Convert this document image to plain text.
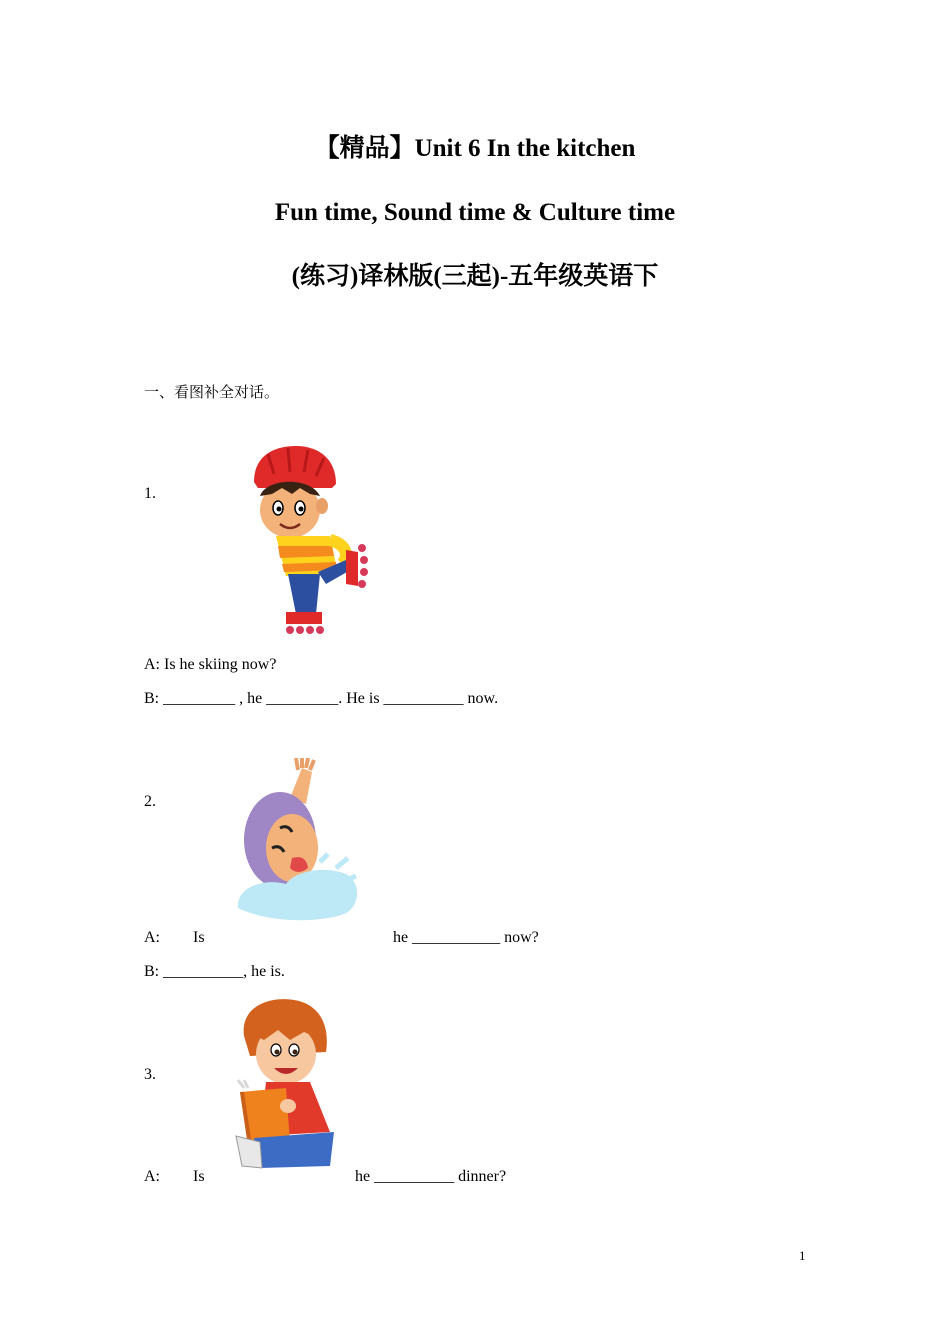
【精品】Unit 6 In the kitchen
Fun time, Sound time & Culture time
(练习)译林版(三起)-五年级英语下
一、看图补全对话。
1.
A: Is he skiing now?
B: _________ , he _________. He is __________ now.
2.
A: Is	he ___________ now?
B: __________, he is.
3.
A: Is	he __________ dinner?
1
